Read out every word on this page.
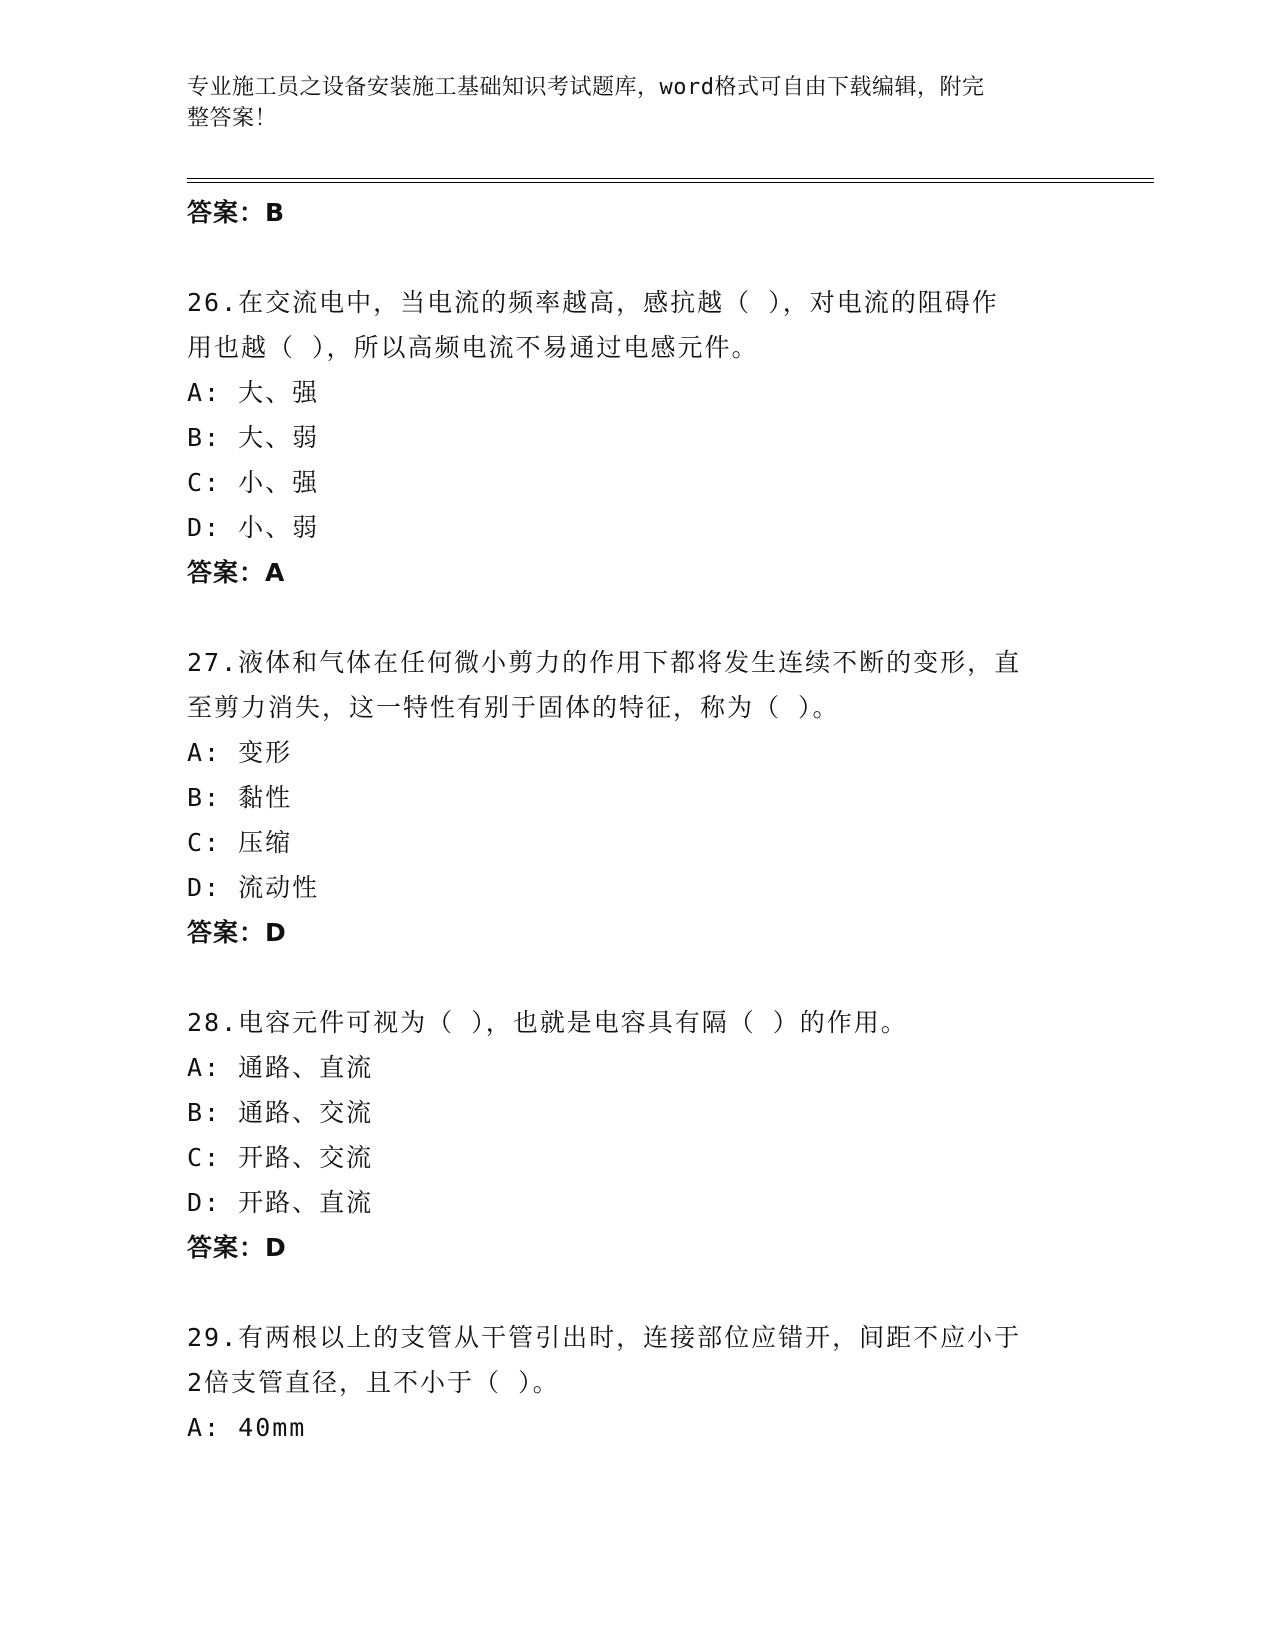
专业施工员之设备安装施工基础知识考试题库，word格式可自由下载编辑，附完
整答案！
答案：B
26.在交流电中，当电流的频率越高，感抗越（ ），对电流的阻碍作
用也越（ ），所以高频电流不易通过电感元件。
A: 大、强
B: 大、弱
C: 小、强
D: 小、弱
答案：A
27.液体和气体在任何微小剪力的作用下都将发生连续不断的变形，直
至剪力消失，这一特性有别于固体的特征，称为（ ）。
A: 变形
B: 黏性
C: 压缩
D: 流动性
答案：D
28.电容元件可视为（ ），也就是电容具有隔（ ）的作用。
A: 通路、直流
B: 通路、交流
C: 开路、交流
D: 开路、直流
答案：D
29.有两根以上的支管从干管引出时，连接部位应错开，间距不应小于
2倍支管直径，且不小于（ ）。
A: 40mm
